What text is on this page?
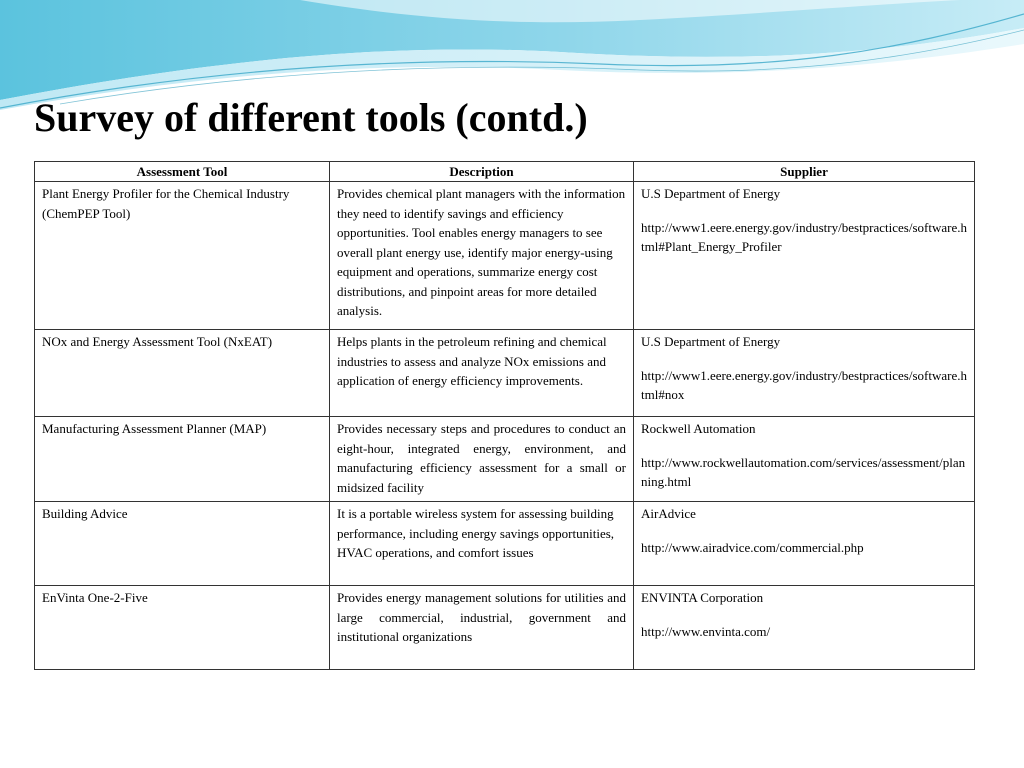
Survey of different tools (contd.)
Assessment Tool	Description	Supplier
Plant Energy Profiler for the Chemical Industry (ChemPEP Tool)	Provides chemical plant managers with the information they need to identify savings and efficiency opportunities. Tool enables energy managers to see overall plant energy use, identify major energy-using equipment and operations, summarize energy cost distributions, and pinpoint areas for more detailed analysis.	U.S Department of Energy
http://www1.eere.energy.gov/industry/bestpractices/software.html#Plant_Energy_Profiler

NOx and Energy Assessment Tool (NxEAT)	Helps plants in the petroleum refining and chemical industries to assess and analyze NOx emissions and application of energy efficiency improvements.	U.S Department of Energy
http://www1.eere.energy.gov/industry/bestpractices/software.html#nox

Manufacturing Assessment Planner (MAP)	Provides necessary steps and procedures to conduct an eight-hour, integrated energy, environment, and manufacturing efficiency assessment for a small or midsized facility	Rockwell Automation
http://www.rockwellautomation.com/services/assessment/planning.html

Building Advice	It is a portable wireless system for assessing building performance, including energy savings opportunities, HVAC operations, and comfort issues	AirAdvice
http://www.airadvice.com/commercial.php

EnVinta One-2-Five	Provides energy management solutions for utilities and large commercial, industrial, government and institutional organizations	ENVINTA Corporation
http://www.envinta.com/
